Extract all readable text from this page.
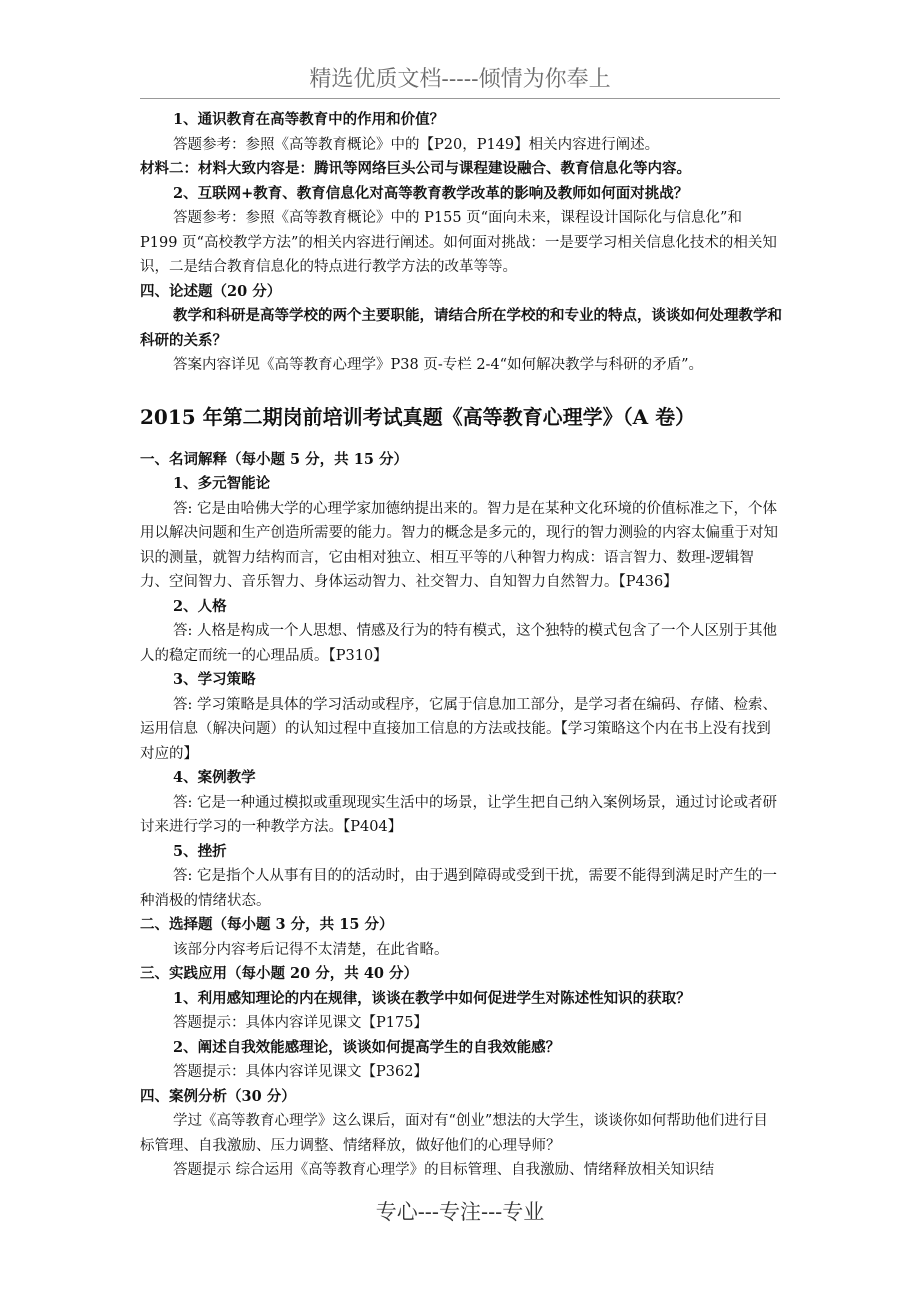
精选优质文档-----倾情为你奉上

1、通识教育在高等教育中的作用和价值？

答题参考：参照《高等教育概论》中的【P20，P149】相关内容进行阐述。

材料二：材料大致内容是：腾讯等网络巨头公司与课程建设融合、教育信息化等内容。

2、互联网+教育、教育信息化对高等教育教学改革的影响及教师如何面对挑战？

答题参考：参照《高等教育概论》中的 P155 页“面向未来，课程设计国际化与信息化”和 P199 页“高校教学方法”的相关内容进行阐述。如何面对挑战：一是要学习相关信息化技术的相关知识，二是结合教育信息化的特点进行教学方法的改革等等。

四、论述题（20 分）

教学和科研是高等学校的两个主要职能，请结合所在学校的和专业的特点，谈谈如何处理教学和科研的关系？

答案内容详见《高等教育心理学》P38 页-专栏 2-4“如何解决教学与科研的矛盾”。

2015 年第二期岗前培训考试真题《高等教育心理学》（A 卷）

一、名词解释（每小题 5 分，共 15 分）

1、多元智能论

答: 它是由哈佛大学的心理学家加德纳提出来的。智力是在某种文化环境的价值标准之下，个体用以解决问题和生产创造所需要的能力。智力的概念是多元的，现行的智力测验的内容太偏重于对知识的测量，就智力结构而言，它由相对独立、相互平等的八种智力构成：语言智力、数理-逻辑智力、空间智力、音乐智力、身体运动智力、社交智力、自知智力自然智力。【P436】

2、人格

答: 人格是构成一个人思想、情感及行为的特有模式，这个独特的模式包含了一个人区别于其他人的稳定而统一的心理品质。【P310】

3、学习策略

答: 学习策略是具体的学习活动或程序，它属于信息加工部分，是学习者在编码、存储、检索、运用信息（解决问题）的认知过程中直接加工信息的方法或技能。【学习策略这个内在书上没有找到对应的】

4、案例教学

答: 它是一种通过模拟或重现现实生活中的场景，让学生把自己纳入案例场景，通过讨论或者研讨来进行学习的一种教学方法。【P404】

5、挫折

答: 它是指个人从事有目的的活动时，由于遇到障碍或受到干扰，需要不能得到满足时产生的一种消极的情绪状态。

二、选择题（每小题 3 分，共 15 分）

该部分内容考后记得不太清楚，在此省略。

三、实践应用（每小题 20 分，共 40 分）

1、利用感知理论的内在规律，谈谈在教学中如何促进学生对陈述性知识的获取？

答题提示：具体内容详见课文【P175】

2、阐述自我效能感理论，谈谈如何提高学生的自我效能感？

答题提示：具体内容详见课文【P362】

四、案例分析（30 分）

学过《高等教育心理学》这么课后，面对有“创业”想法的大学生，谈谈你如何帮助他们进行目标管理、自我激励、压力调整、情绪释放，做好他们的心理导师？

答题提示 综合运用《高等教育心理学》的目标管理、自我激励、情绪释放相关知识结

专心---专注---专业
